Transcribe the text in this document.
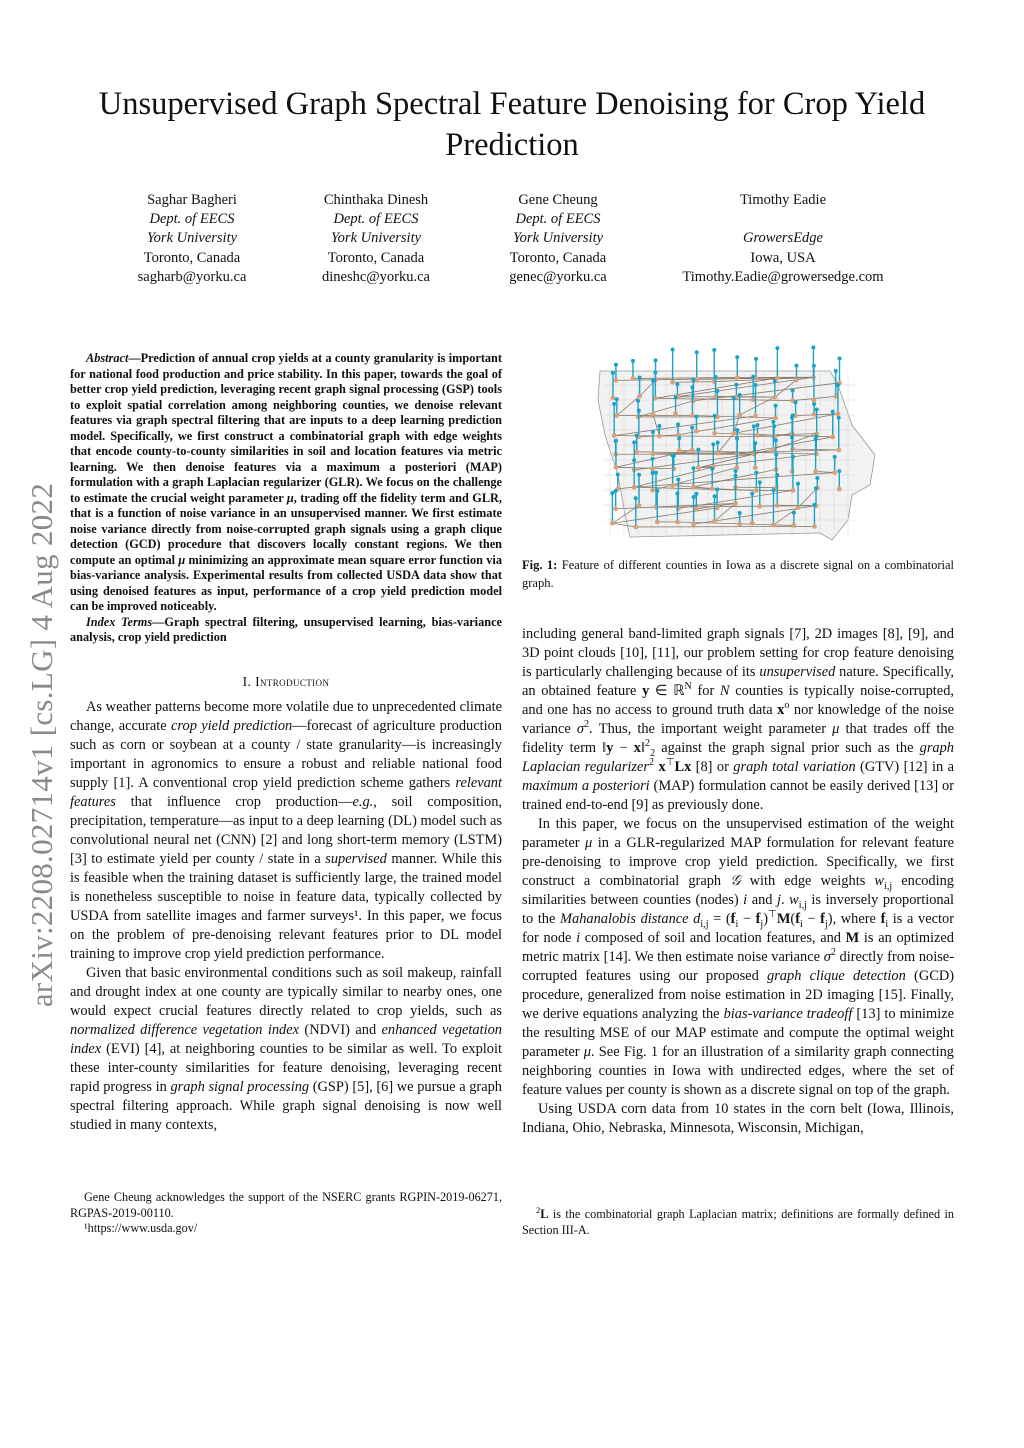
arXiv:2208.02714v1 [cs.LG] 4 Aug 2022
Unsupervised Graph Spectral Feature Denoising for Crop Yield Prediction
Saghar Bagheri
Dept. of EECS
York University
Toronto, Canada
sagharb@yorku.ca
Chinthaka Dinesh
Dept. of EECS
York University
Toronto, Canada
dineshc@yorku.ca
Gene Cheung
Dept. of EECS
York University
Toronto, Canada
genec@yorku.ca
Timothy Eadie

GrowersEdge
Iowa, USA
Timothy.Eadie@growersedge.com

Abstract—Prediction of annual crop yields at a county granularity is important for national food production and price stability. In this paper, towards the goal of better crop yield prediction, leveraging recent graph signal processing (GSP) tools to exploit spatial correlation among neighboring counties, we denoise relevant features via graph spectral filtering that are inputs to a deep learning prediction model. Specifically, we first construct a combinatorial graph with edge weights that encode county-to-county similarities in soil and location features via metric learning. We then denoise features via a maximum a posteriori (MAP) formulation with a graph Laplacian regularizer (GLR). We focus on the challenge to estimate the crucial weight parameter μ, trading off the fidelity term and GLR, that is a function of noise variance in an unsupervised manner. We first estimate noise variance directly from noise-corrupted graph signals using a graph clique detection (GCD) procedure that discovers locally constant regions. We then compute an optimal μ minimizing an approximate mean square error function via bias-variance analysis. Experimental results from collected USDA data show that using denoised features as input, performance of a crop yield prediction model can be improved noticeably.

Index Terms—Graph spectral filtering, unsupervised learning, bias-variance analysis, crop yield prediction

I. Introduction

As weather patterns become more volatile due to unprecedented climate change, accurate crop yield prediction—forecast of agriculture production such as corn or soybean at a county / state granularity—is increasingly important in agronomics to ensure a robust and reliable national food supply [1]. A conventional crop yield prediction scheme gathers relevant features that influence crop production—e.g., soil composition, precipitation, temperature—as input to a deep learning (DL) model such as convolutional neural net (CNN) [2] and long short-term memory (LSTM) [3] to estimate yield per county / state in a supervised manner. While this is feasible when the training dataset is sufficiently large, the trained model is nonetheless susceptible to noise in feature data, typically collected by USDA from satellite images and farmer surveys¹. In this paper, we focus on the problem of pre-denoising relevant features prior to DL model training to improve crop yield prediction performance.

Given that basic environmental conditions such as soil makeup, rainfall and drought index at one county are typically similar to nearby ones, one would expect crucial features directly related to crop yields, such as normalized difference vegetation index (NDVI) and enhanced vegetation index (EVI) [4], at neighboring counties to be similar as well. To exploit these inter-county similarities for feature denoising, leveraging recent rapid progress in graph signal processing (GSP) [5], [6] we pursue a graph spectral filtering approach. While graph signal denoising is now well studied in many contexts,

Gene Cheung acknowledges the support of the NSERC grants RGPIN-2019-06271, RGPAS-2019-00110.

¹https://www.usda.gov/

Fig. 1: Feature of different counties in Iowa as a discrete signal on a combinatorial graph.

including general band-limited graph signals [7], 2D images [8], [9], and 3D point clouds [10], [11], our problem setting for crop feature denoising is particularly challenging because of its unsupervised nature. Specifically, an obtained feature y ∈ ℝ$^N$ for N counties is typically noise-corrupted, and one has no access to ground truth data $x^o$ nor knowledge of the noise variance $\sigma^2$. Thus, the important weight parameter μ that trades off the fidelity term ‖y − x‖$^2_2$ against the graph signal prior such as the graph Laplacian regularizer$^2$ x⊤Lx [8] or graph total variation (GTV) [12] in a maximum a posteriori (MAP) formulation cannot be easily derived [13] or trained end-to-end [9] as previously done.

In this paper, we focus on the unsupervised estimation of the weight parameter μ in a GLR-regularized MAP formulation for relevant feature pre-denoising to improve crop yield prediction. Specifically, we first construct a combinatorial graph 𝒢 with edge weights $w_{i,j}$ encoding similarities between counties (nodes) i and j. $w_{i,j}$ is inversely proportional to the Mahanalobis distance $d_{i,j} = (f_i - f_j)^⊤M(f_i - f_j)$, where $f_i$ is a vector for node i composed of soil and location features, and M is an optimized metric matrix [14]. We then estimate noise variance $\sigma^2$ directly from noise-corrupted features using our proposed graph clique detection (GCD) procedure, generalized from noise estimation in 2D imaging [15]. Finally, we derive equations analyzing the bias-variance tradeoff [13] to minimize the resulting MSE of our MAP estimate and compute the optimal weight parameter μ. See Fig. 1 for an illustration of a similarity graph connecting neighboring counties in Iowa with undirected edges, where the set of feature values per county is shown as a discrete signal on top of the graph.

Using USDA corn data from 10 states in the corn belt (Iowa, Illinois, Indiana, Ohio, Nebraska, Minnesota, Wisconsin, Michigan,

$^2$L is the combinatorial graph Laplacian matrix; definitions are formally defined in Section III-A.
